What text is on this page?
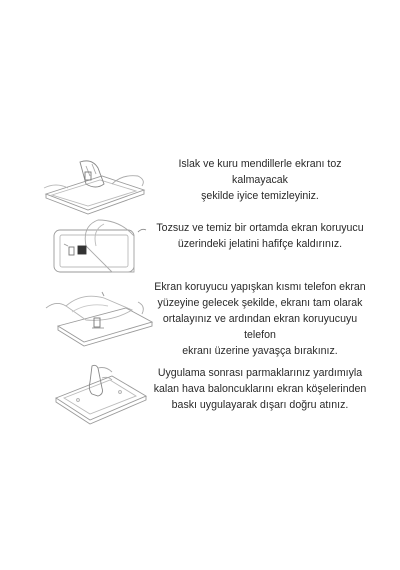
Islak ve kuru mendillerle ekranı toz kalmayacak

şekilde iyice temizleyiniz.

Tozsuz ve temiz bir ortamda ekran koruyucu

üzerindeki jelatini hafifçe kaldırınız.

Ekran koruyucu yapışkan kısmı telefon ekran

yüzeyine gelecek şekilde, ekranı tam olarak

ortalayınız ve ardından ekran koruyucuyu telefon

ekranı üzerine yavaşça bırakınız.

Uygulama sonrası parmaklarınız yardımıyla

kalan hava baloncuklarını ekran köşelerinden

baskı uygulayarak dışarı doğru atınız.
